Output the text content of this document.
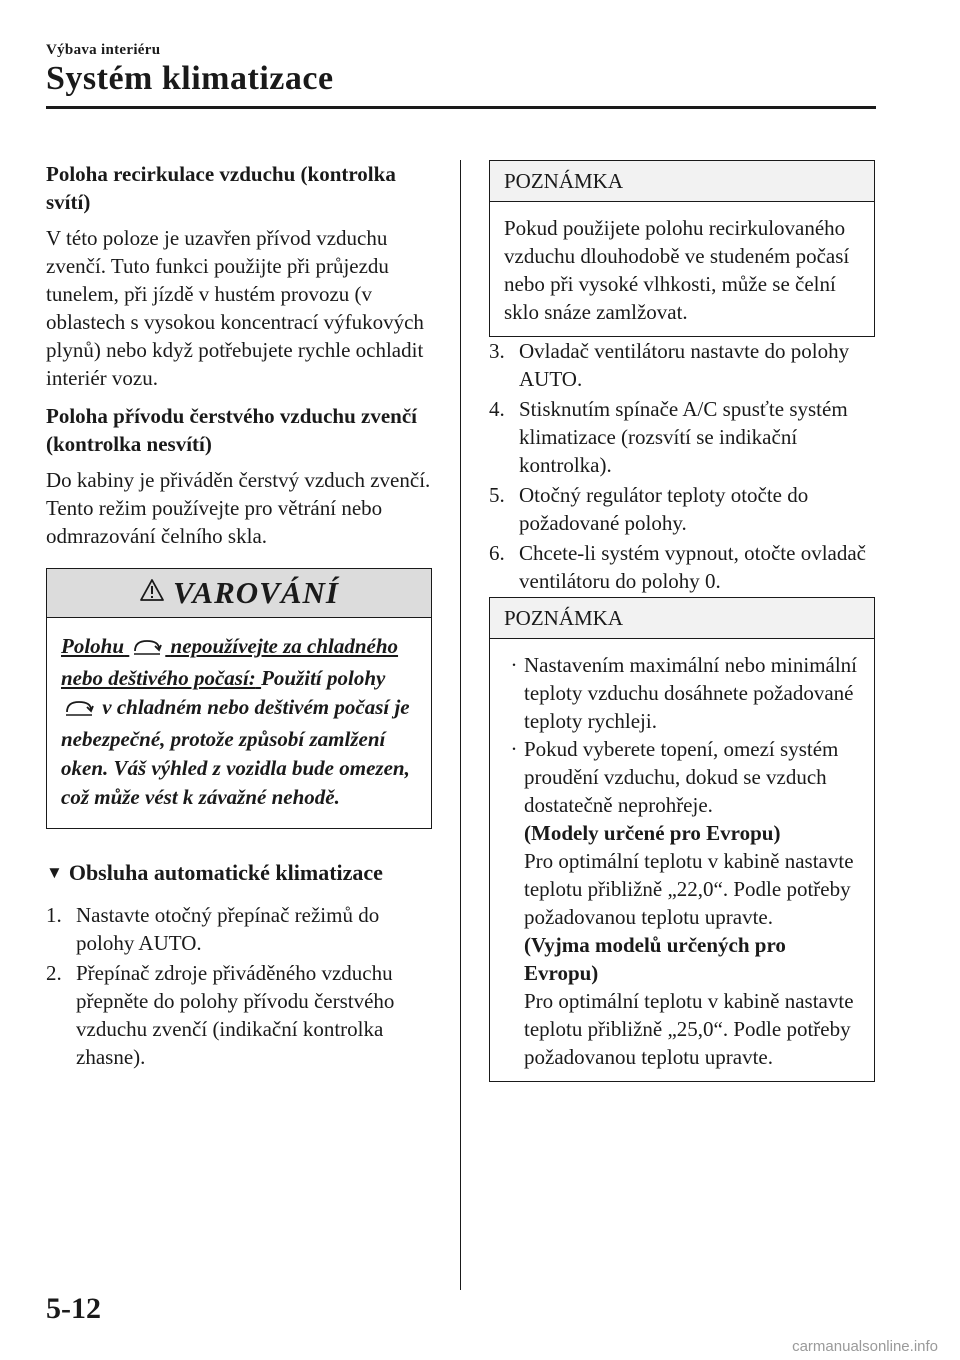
Výbava interiéru
Systém klimatizace

Poloha recirkulace vzduchu (kontrolka svítí)

V této poloze je uzavřen přívod vzduchu zvenčí. Tuto funkci použijte při průjezdu tunelem, při jízdě v hustém provozu (v oblastech s vysokou koncentrací výfukových plynů) nebo když potřebujete rychle ochladit interiér vozu.

Poloha přívodu čerstvého vzduchu zvenčí (kontrolka nesvítí)

Do kabiny je přiváděn čerstvý vzduch zvenčí. Tento režim používejte pro větrání nebo odmrazování čelního skla.

VAROVÁNÍ
Polohu nepoužívejte za chladného nebo deštivého počasí: Použití polohy  v chladném nebo deštivém počasí je nebezpečné, protože způsobí zamlžení oken. Váš výhled z vozidla bude omezen, což může vést k závažné nehodě.
▼ Obsluha automatické klimatizace
1. Nastavte otočný přepínač režimů do polohy AUTO.
2. Přepínač zdroje přiváděného vzduchu přepněte do polohy přívodu čerstvého vzduchu zvenčí (indikační kontrolka zhasne).
POZNÁMKA

Pokud použijete polohu recirkulovaného vzduchu dlouhodobě ve studeném počasí nebo při vysoké vlhkosti, může se čelní sklo snáze zamlžovat.

3. Ovladač ventilátoru nastavte do polohy AUTO.
4. Stisknutím spínače A/C spusťte systém klimatizace (rozsvítí se indikační kontrolka).
5. Otočný regulátor teploty otočte do požadované polohy.
6. Chcete-li systém vypnout, otočte ovladač ventilátoru do polohy 0.
POZNÁMKA
· Nastavením maximální nebo minimální teploty vzduchu dosáhnete požadované teploty rychleji.
· Pokud vyberete topení, omezí systém proudění vzduchu, dokud se vzduch dostatečně neprohřeje.
(Modely určené pro Evropu)
Pro optimální teplotu v kabině nastavte teplotu přibližně „22,0“. Podle potřeby požadovanou teplotu upravte.
(Vyjma modelů určených pro Evropu)
Pro optimální teplotu v kabině nastavte teplotu přibližně „25,0“. Podle potřeby požadovanou teplotu upravte.
5-12
carmanualsonline.info
